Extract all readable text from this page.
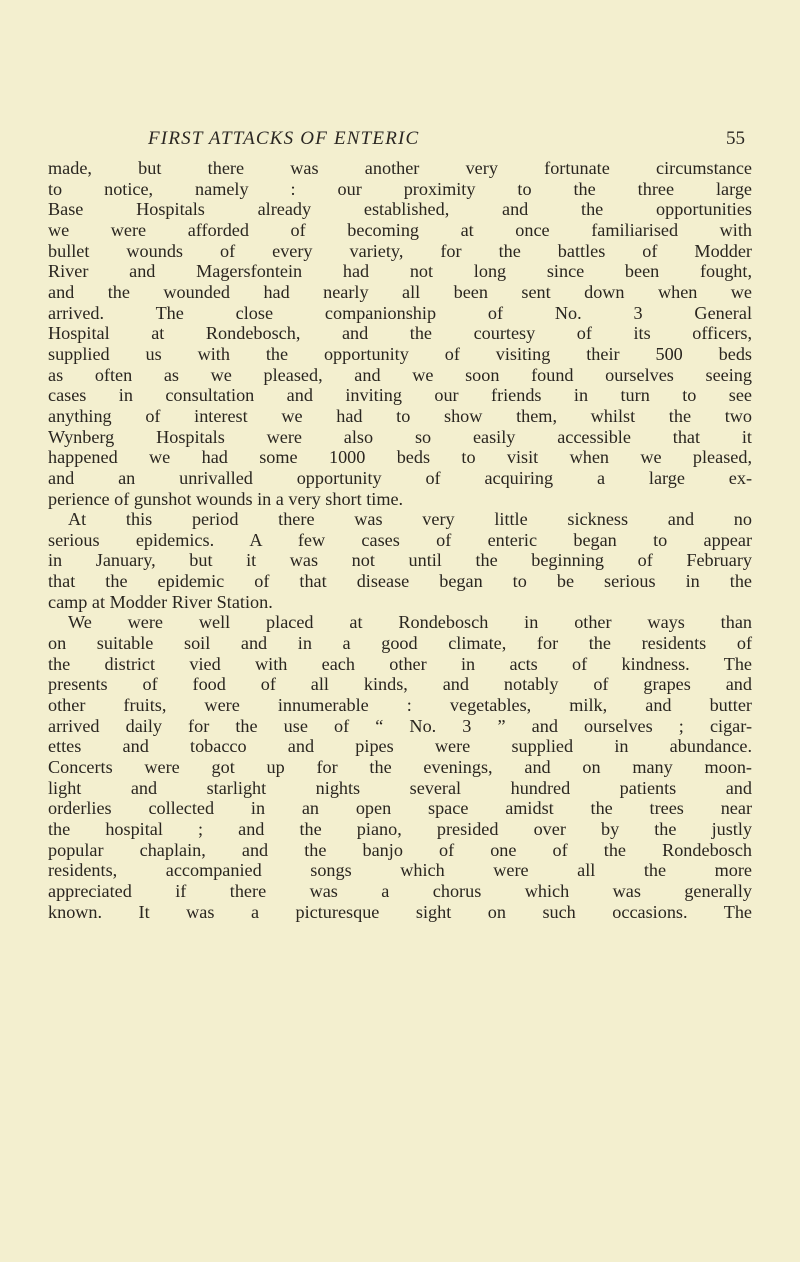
FIRST ATTACKS OF ENTERIC	55
made, but there was another very fortunate circumstance
to notice, namely : our proximity to the three large
Base Hospitals already established, and the opportunities
we were afforded of becoming at once familiarised with
bullet wounds of every variety, for the battles of Modder
River and Magersfontein had not long since been fought,
and the wounded had nearly all been sent down when we
arrived. The close companionship of No. 3 General
Hospital at Rondebosch, and the courtesy of its officers,
supplied us with the opportunity of visiting their 500 beds
as often as we pleased, and we soon found ourselves seeing
cases in consultation and inviting our friends in turn to see
anything of interest we had to show them, whilst the two
Wynberg Hospitals were also so easily accessible that it
happened we had some 1000 beds to visit when we pleased,
and an unrivalled opportunity of acquiring a large ex-
perience of gunshot wounds in a very short time.
At this period there was very little sickness and no
serious epidemics. A few cases of enteric began to appear
in January, but it was not until the beginning of February
that the epidemic of that disease began to be serious in the
camp at Modder River Station.
We were well placed at Rondebosch in other ways than
on suitable soil and in a good climate, for the residents of
the district vied with each other in acts of kindness. The
presents of food of all kinds, and notably of grapes and
other fruits, were innumerable : vegetables, milk, and butter
arrived daily for the use of “ No. 3 ” and ourselves ; cigar-
ettes and tobacco and pipes were supplied in abundance.
Concerts were got up for the evenings, and on many moon-
light and starlight nights several hundred patients and
orderlies collected in an open space amidst the trees near
the hospital ; and the piano, presided over by the justly
popular chaplain, and the banjo of one of the Rondebosch
residents, accompanied songs which were all the more
appreciated if there was a chorus which was generally
known. It was a picturesque sight on such occasions. The
